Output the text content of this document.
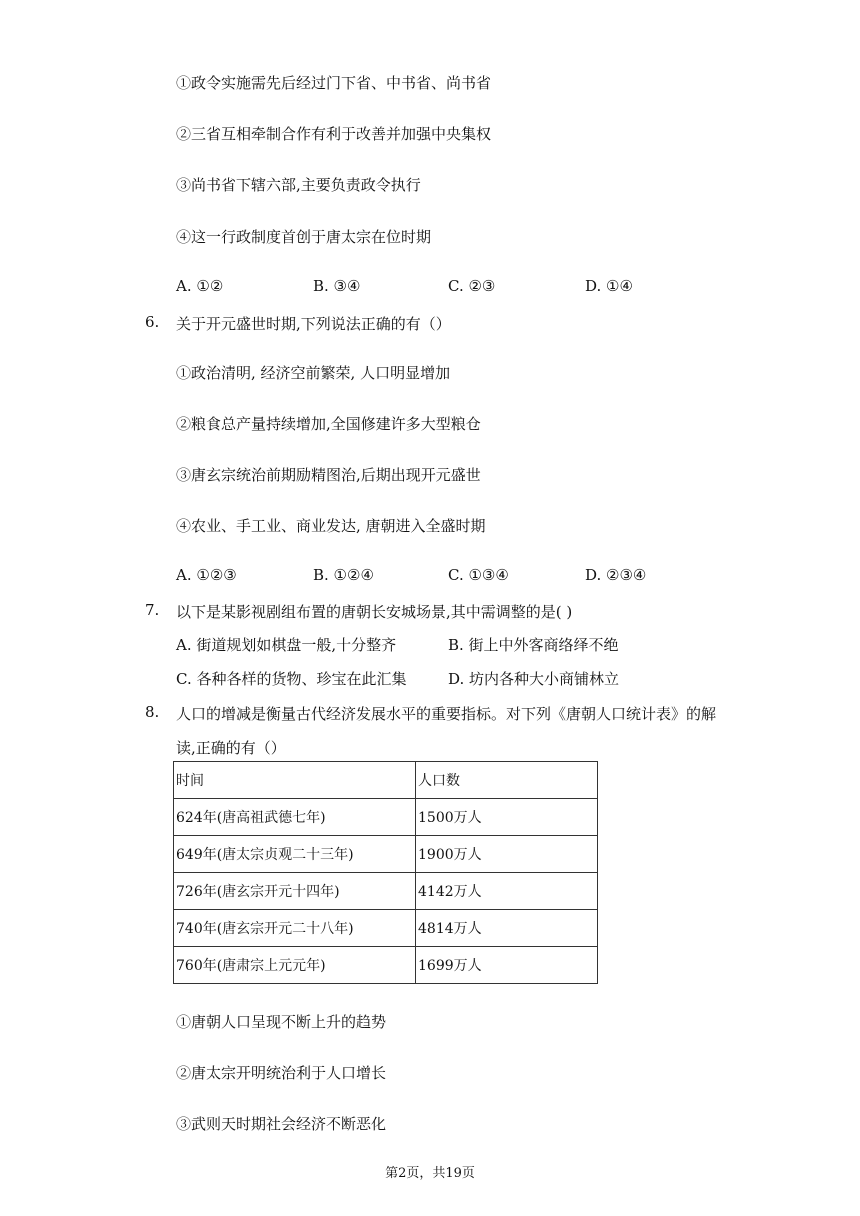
①政令实施需先后经过门下省、中书省、尚书省
②三省互相牵制合作有利于改善并加强中央集权
③尚书省下辖六部,主要负责政令执行
④这一行政制度首创于唐太宗在位时期
A. ①②	B. ③④	C. ②③	D. ①④
6. 关于开元盛世时期,下列说法正确的有（）
①政治清明, 经济空前繁荣, 人口明显增加
②粮食总产量持续增加,全国修建许多大型粮仓
③唐玄宗统治前期励精图治,后期出现开元盛世
④农业、手工业、商业发达, 唐朝进入全盛时期
A. ①②③	B. ①②④	C. ①③④	D. ②③④
7. 以下是某影视剧组布置的唐朝长安城场景,其中需调整的是( )
A. 街道规划如棋盘一般,十分整齐	B. 街上中外客商络绎不绝
C. 各种各样的货物、珍宝在此汇集	D. 坊内各种大小商铺林立
8. 人口的增减是衡量古代经济发展水平的重要指标。对下列《唐朝人口统计表》的解
读,正确的有（）
时间	人口数
624年(唐高祖武德七年)	1500万人
649年(唐太宗贞观二十三年)	1900万人
726年(唐玄宗开元十四年)	4142万人
740年(唐玄宗开元二十八年)	4814万人
760年(唐肃宗上元元年)	1699万人
①唐朝人口呈现不断上升的趋势
②唐太宗开明统治利于人口增长
③武则天时期社会经济不断恶化
第2页，共19页
